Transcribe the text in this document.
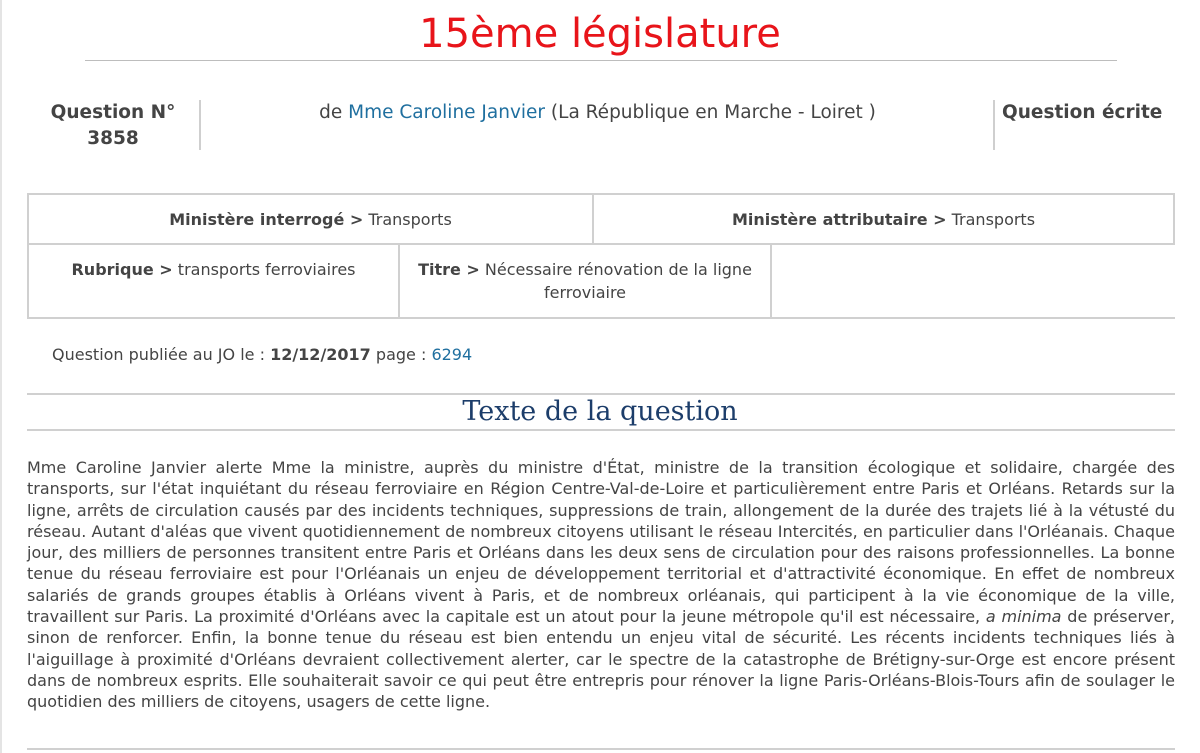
15ème législature
Question N°
3858
de Mme Caroline Janvier (La République en Marche - Loiret )	Question écrite
Ministère interrogé > Transports	Ministère attributaire > Transports
Rubrique > transports ferroviaires	Titre > Nécessaire rénovation de la ligne ferroviaire
Question publiée au JO le : 12/12/2017 page : 6294
Texte de la question

Mme Caroline Janvier alerte Mme la ministre, auprès du ministre d'État, ministre de la transition écologique et solidaire, chargée des transports, sur l'état inquiétant du réseau ferroviaire en Région Centre-Val-de-Loire et particulièrement entre Paris et Orléans. Retards sur la ligne, arrêts de circulation causés par des incidents techniques, suppressions de train, allongement de la durée des trajets lié à la vétusté du réseau. Autant d'aléas que vivent quotidiennement de nombreux citoyens utilisant le réseau Intercités, en particulier dans l'Orléanais. Chaque jour, des milliers de personnes transitent entre Paris et Orléans dans les deux sens de circulation pour des raisons professionnelles. La bonne tenue du réseau ferroviaire est pour l'Orléanais un enjeu de développement territorial et d'attractivité économique. En effet de nombreux salariés de grands groupes établis à Orléans vivent à Paris, et de nombreux orléanais, qui participent à la vie économique de la ville, travaillent sur Paris. La proximité d'Orléans avec la capitale est un atout pour la jeune métropole qu'il est nécessaire, a minima de préserver, sinon de renforcer. Enfin, la bonne tenue du réseau est bien entendu un enjeu vital de sécurité. Les récents incidents techniques liés à l'aiguillage à proximité d'Orléans devraient collectivement alerter, car le spectre de la catastrophe de Brétigny-sur-Orge est encore présent dans de nombreux esprits. Elle souhaiterait savoir ce qui peut être entrepris pour rénover la ligne Paris-Orléans-Blois-Tours afin de soulager le quotidien des milliers de citoyens, usagers de cette ligne.
